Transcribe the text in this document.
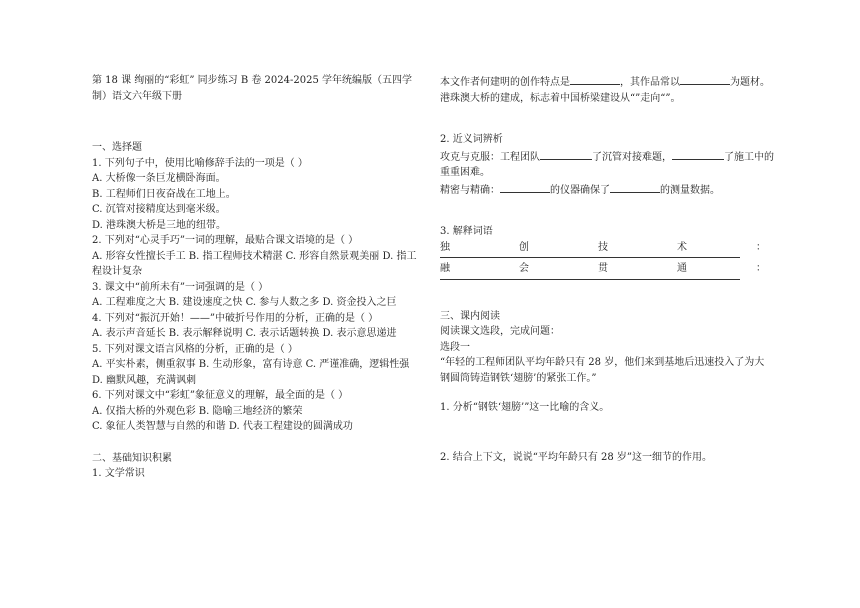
第 18 课 绚丽的“彩虹” 同步练习 B 卷 2024-2025 学年统编版（五四学制）语文六年级下册
一、选择题
1. 下列句子中，使用比喻修辞手法的一项是（ ）
A. 大桥像一条巨龙横卧海面。
B. 工程师们日夜奋战在工地上。
C. 沉管对接精度达到毫米级。
D. 港珠澳大桥是三地的纽带。
2. 下列对“心灵手巧”一词的理解，最贴合课文语境的是（ ）
A. 形容女性擅长手工 B. 指工程师技术精湛 C. 形容自然景观美丽 D. 指工程设计复杂
3. 课文中“前所未有”一词强调的是（ ）
A. 工程难度之大 B. 建设速度之快 C. 参与人数之多 D. 资金投入之巨
4. 下列对“振沉开始！——”中破折号作用的分析，正确的是（ ）
A. 表示声音延长 B. 表示解释说明 C. 表示话题转换 D. 表示意思递进
5. 下列对课文语言风格的分析，正确的是（ ）
A. 平实朴素，侧重叙事 B. 生动形象，富有诗意 C. 严谨准确，逻辑性强 D. 幽默风趣，充满讽刺
6. 下列对课文中“彩虹”象征意义的理解，最全面的是（ ）
A. 仅指大桥的外观色彩 B. 隐喻三地经济的繁荣
C. 象征人类智慧与自然的和谐 D. 代表工程建设的圆满成功
二、基础知识积累
1. 文学常识
本文作者何建明的创作特点是	，其作品常以	为题材。
港珠澳大桥的建成，标志着中国桥梁建设从“”走向“”。
2. 近义词辨析
攻克与克服：工程团队	了沉管对接难题，	了施工中的重重困难。
精密与精确：	的仪器确保了	的测量数据。
3. 解释词语
独	创	技	术	：
融	会	贯	通	：
三、课内阅读
阅读课文选段，完成问题：
选段一
“年轻的工程师团队平均年龄只有 28 岁，他们来到基地后迅速投入了为大钢圆筒铸造钢铁‘翅膀’的紧张工作。”
1. 分析“钢铁‘翅膀’”这一比喻的含义。
2. 结合上下文，说说“平均年龄只有 28 岁”这一细节的作用。
